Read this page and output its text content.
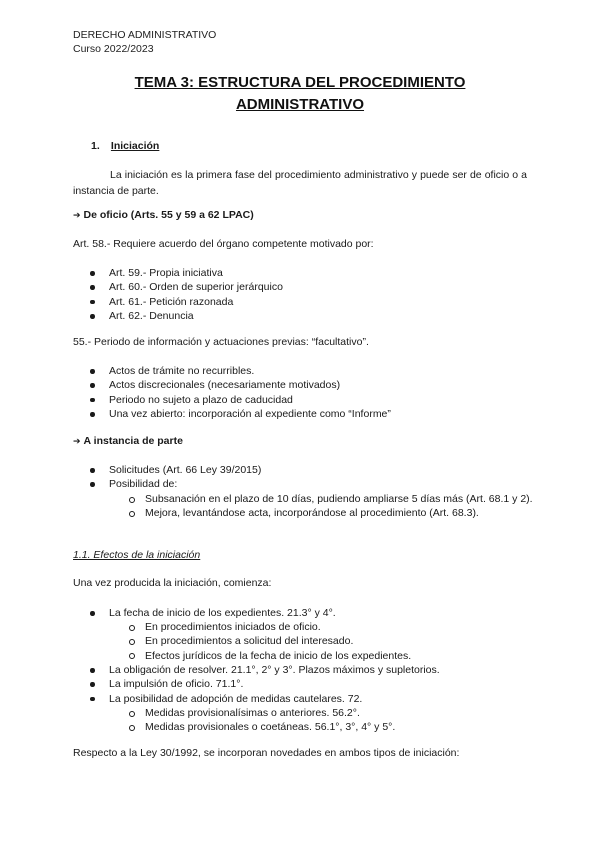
DERECHO ADMINISTRATIVO
Curso 2022/2023
TEMA 3: ESTRUCTURA DEL PROCEDIMIENTO
ADMINISTRATIVO
1. Iniciación
La iniciación es la primera fase del procedimiento administrativo y puede ser de oficio o a instancia de parte.
➔ De oficio (Arts. 55 y 59 a 62 LPAC)
Art. 58.- Requiere acuerdo del órgano competente motivado por:
Art. 59.- Propia iniciativa
Art. 60.- Orden de superior jerárquico
Art. 61.- Petición razonada
Art. 62.- Denuncia
55.- Periodo de información y actuaciones previas: “facultativo”.
Actos de trámite no recurribles.
Actos discrecionales (necesariamente motivados)
Periodo no sujeto a plazo de caducidad
Una vez abierto: incorporación al expediente como “Informe”
➔ A instancia de parte
Solicitudes (Art. 66 Ley 39/2015)
Posibilidad de:
Subsanación en el plazo de 10 días, pudiendo ampliarse 5 días más (Art. 68.1 y 2).
Mejora, levantándose acta, incorporándose al procedimiento (Art. 68.3).
1.1. Efectos de la iniciación
Una vez producida la iniciación, comienza:
La fecha de inicio de los expedientes. 21.3° y 4°.
En procedimientos iniciados de oficio.
En procedimientos a solicitud del interesado.
Efectos jurídicos de la fecha de inicio de los expedientes.
La obligación de resolver. 21.1°, 2° y 3°. Plazos máximos y supletorios.
La impulsión de oficio. 71.1°.
La posibilidad de adopción de medidas cautelares. 72.
Medidas provisionalísimas o anteriores. 56.2°.
Medidas provisionales o coetáneas. 56.1°, 3°, 4° y 5°.
Respecto a la Ley 30/1992, se incorporan novedades en ambos tipos de iniciación:
